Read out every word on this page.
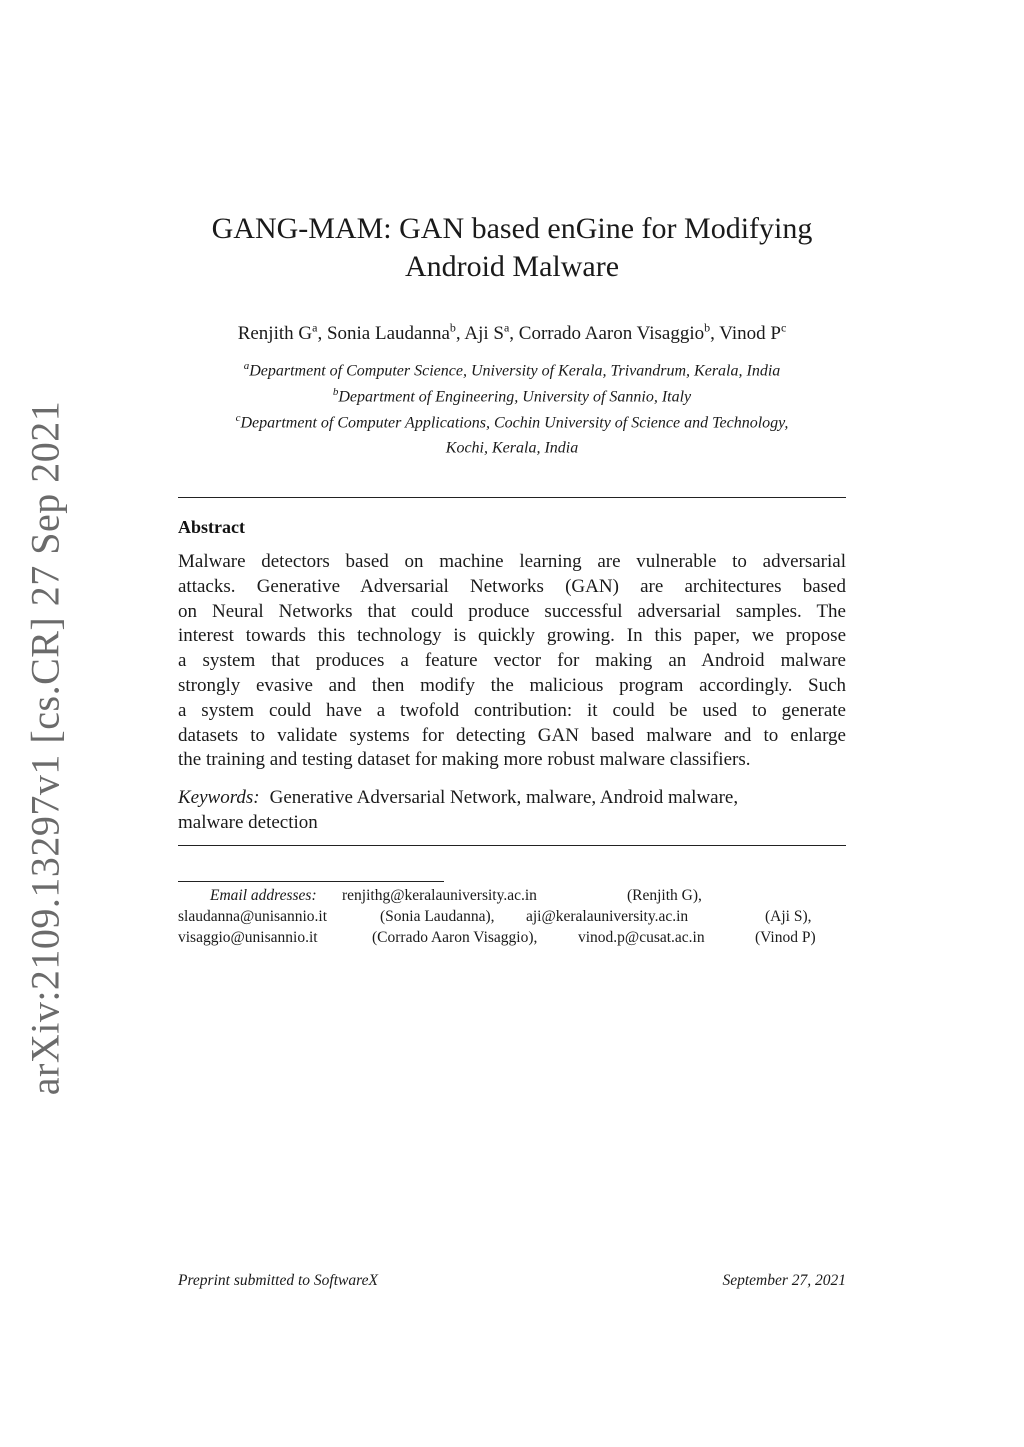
arXiv:2109.13297v1 [cs.CR] 27 Sep 2021
GANG-MAM: GAN based enGine for Modifying
Android Malware
Renjith $G^a$, Sonia Laudanna$^b$, Aji $S^a$, Corrado Aaron Visaggio$^b$, Vinod $P^c$
$^a$Department of Computer Science, University of Kerala, Trivandrum, Kerala, India
$^b$Department of Engineering, University of Sannio, Italy
$^c$Department of Computer Applications, Cochin University of Science and Technology,
Kochi, Kerala, India
Abstract
Malware detectors based on machine learning are vulnerable to adversarial
attacks. Generative Adversarial Networks (GAN) are architectures based
on Neural Networks that could produce successful adversarial samples. The
interest towards this technology is quickly growing. In this paper, we propose
a system that produces a feature vector for making an Android malware
strongly evasive and then modify the malicious program accordingly. Such
a system could have a twofold contribution: it could be used to generate
datasets to validate systems for detecting GAN based malware and to enlarge
the training and testing dataset for making more robust malware classifiers.
Keywords: Generative Adversarial Network, malware, Android malware,
malware detection
Email addresses: renjithg@keralauniversity.ac.in	(Renjith G),
slaudanna@unisannio.it	(Sonia Laudanna), aji@keralauniversity.ac.in	(Aji S),
visaggio@unisannio.it	(Corrado Aaron Visaggio),	vinod.p@cusat.ac.in	(Vinod P)
Preprint submitted to SoftwareX	September 27, 2021
